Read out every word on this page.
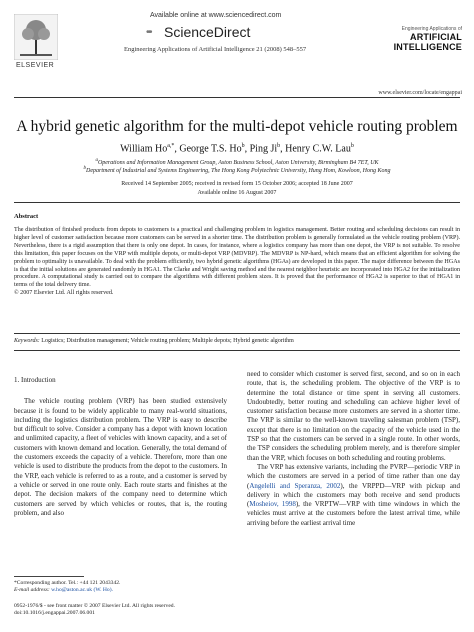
ELSEVIER
Available online at www.sciencedirect.com
••• ScienceDirect
Engineering Applications of Artificial Intelligence 21 (2008) 548–557
Engineering Applications of
ARTIFICIAL
INTELLIGENCE
www.elsevier.com/locate/engappai
A hybrid genetic algorithm for the multi-depot vehicle routing problem
William $Ho^{a,*}$, George T.S. Ho$^b$, Ping Ji$^b$, Henry C.W. Lau$^b$
$^a$Operations and Information Management Group, Aston Business School, Aston University, Birmingham B4 7ET, UK
$^b$Department of Industrial and Systems Engineering, The Hong Kong Polytechnic University, Hung Hom, Kowloon, Hong Kong
Received 14 September 2005; received in revised form 15 October 2006; accepted 18 June 2007
Available online 16 August 2007
Abstract
The distribution of finished products from depots to customers is a practical and challenging problem in logistics management. Better routing and scheduling decisions can result in higher level of customer satisfaction because more customers can be served in a shorter time. The distribution problem is generally formulated as the vehicle routing problem (VRP). Nevertheless, there is a rigid assumption that there is only one depot. In cases, for instance, where a logistics company has more than one depot, the VRP is not suitable. To resolve this limitation, this paper focuses on the VRP with multiple depots, or multi-depot VRP (MDVRP). The MDVRP is NP-hard, which means that an efficient algorithm for solving the problem to optimality is unavailable. To deal with the problem efficiently, two hybrid genetic algorithms (HGAs) are developed in this paper. The major difference between the HGAs is that the initial solutions are generated randomly in HGA1. The Clarke and Wright saving method and the nearest neighbor heuristic are incorporated into HGA2 for the initialization procedure. A computational study is carried out to compare the algorithms with different problem sizes. It is proved that the performance of HGA2 is superior to that of HGA1 in terms of the total delivery time.
© 2007 Elsevier Ltd. All rights reserved.
Keywords: Logistics; Distribution management; Vehicle routing problem; Multiple depots; Hybrid genetic algorithm
1. Introduction

The vehicle routing problem (VRP) has been studied extensively because it is found to be widely applicable to many real-world situations, including the logistics distribution problem. The VRP is easy to describe but difficult to solve. Consider a company has a depot with known location and unlimited capacity, a fleet of vehicles with known capacity, and a set of customers with known demand and location. Generally, the total demand of the customers exceeds the capacity of a vehicle. Therefore, more than one vehicle is used to distribute the products from the depot to the customers. In the VRP, each vehicle is referred to as a route, and a customer is served by a vehicle or served in one route only. Each route starts and finishes at the depot. The decision makers of the company need to determine which customers are served by which vehicles or routes, that is, the routing problem, and also

need to consider which customer is served first, second, and so on in each route, that is, the scheduling problem. The objective of the VRP is to determine the total distance or time spent in serving all customers. Undoubtedly, better routing and scheduling can achieve higher level of customer satisfaction because more customers are served in a shorter time. The VRP is similar to the well-known traveling salesman problem (TSP), except that there is no limitation on the capacity of the vehicle used in the TSP so that the customers can be served in a single route. In other words, the TSP considers the scheduling problem merely, and is therefore simpler than the VRP, which focuses on both scheduling and routing problems.

The VRP has extensive variants, including the PVRP—periodic VRP in which the customers are served in a period of time rather than one day (Angelelli and Speranza, 2002), the VRPPD—VRP with pickup and delivery in which the customers may both receive and send products (Mosheiov, 1998), the VRPTW—VRP with time windows in which the vehicles must arrive at the customers before the latest arrival time, while arriving before the earliest arrival time

*Corresponding author. Tel.: +44 121 2043342.
E-mail address: w.ho@aston.ac.uk (W. Ho).
0952-1976/$ - see front matter © 2007 Elsevier Ltd. All rights reserved.
doi:10.1016/j.engappai.2007.06.001
